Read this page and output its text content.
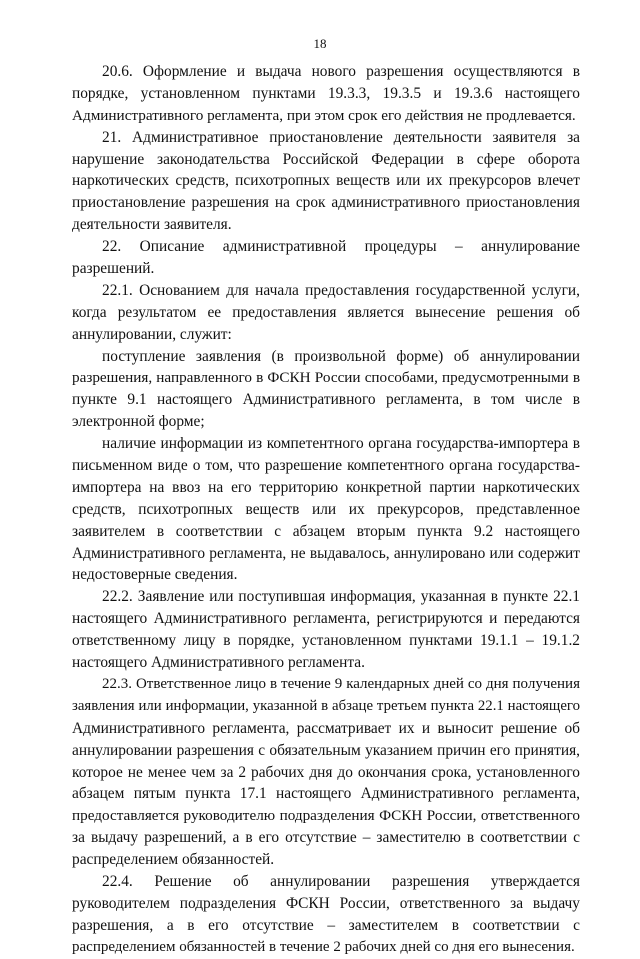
18
20.6. Оформление и выдача нового разрешения осуществляются в
порядке, установленном пунктами 19.3.3, 19.3.5 и 19.3.6 настоящего
Административного регламента, при этом срок его действия не продлевается.
21. Административное приостановление деятельности заявителя за
нарушение законодательства Российской Федерации в сфере оборота
наркотических средств, психотропных веществ или их прекурсоров влечет
приостановление разрешения на срок административного приостановления
деятельности заявителя.
22. Описание административной процедуры – аннулирование
разрешений.
22.1. Основанием для начала предоставления государственной услуги,
когда результатом ее предоставления является вынесение решения об
аннулировании, служит:
поступление заявления (в произвольной форме) об аннулировании
разрешения, направленного в ФСКН России способами, предусмотренными в
пункте 9.1 настоящего Административного регламента, в том числе в
электронной форме;
наличие информации из компетентного органа государства-импортера в
письменном виде о том, что разрешение компетентного органа государства-
импортера на ввоз на его территорию конкретной партии наркотических
средств, психотропных веществ или их прекурсоров, представленное
заявителем в соответствии с абзацем вторым пункта 9.2 настоящего
Административного регламента, не выдавалось, аннулировано или содержит
недостоверные сведения.
22.2. Заявление или поступившая информация, указанная в пункте 22.1
настоящего Административного регламента, регистрируются и передаются
ответственному лицу в порядке, установленном пунктами 19.1.1 – 19.1.2
настоящего Административного регламента.
22.3. Ответственное лицо в течение 9 календарных дней со дня получения
заявления или информации, указанной в абзаце третьем пункта 22.1 настоящего
Административного регламента, рассматривает их и выносит решение об
аннулировании разрешения с обязательным указанием причин его принятия,
которое не менее чем за 2 рабочих дня до окончания срока, установленного
абзацем пятым пункта 17.1 настоящего Административного регламента,
предоставляется руководителю подразделения ФСКН России, ответственного
за выдачу разрешений, а в его отсутствие – заместителю в соответствии с
распределением обязанностей.
22.4. Решение об аннулировании разрешения утверждается
руководителем подразделения ФСКН России, ответственного за выдачу
разрешения, а в его отсутствие – заместителем в соответствии с
распределением обязанностей в течение 2 рабочих дней со дня его вынесения.
